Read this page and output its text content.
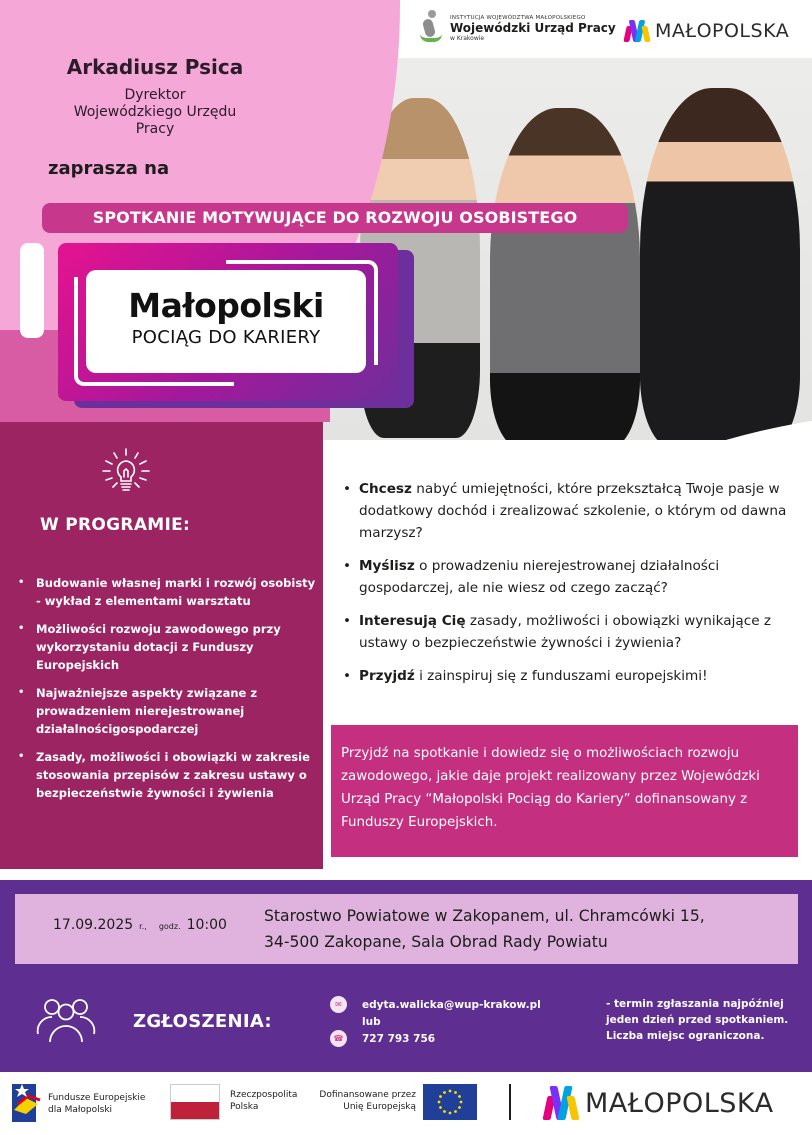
Arkadiusz Psica
Dyrektor
Wojewódzkiego Urzędu
Pracy
zaprasza na
INSTYTUCJA WOJEWÓDZTWA MAŁOPOLSKIEGO
Wojewódzki Urząd Pracy
w Krakowie	MAŁOPOLSKA
SPOTKANIE MOTYWUJĄCE DO ROZWOJU OSOBISTEGO
Małopolski
POCIĄG DO KARIERY
W PROGRAMIE:
• Budowanie własnej marki i rozwój osobisty - wykład z elementami warsztatu
• Możliwości rozwoju zawodowego przy wykorzystaniu dotacji z Funduszy Europejskich
• Najważniejsze aspekty związane z prowadzeniem nierejestrowanej działalnościgospodarczej
• Zasady, możliwości i obowiązki w zakresie stosowania przepisów z zakresu ustawy o bezpieczeństwie żywności i żywienia
• Chcesz nabyć umiejętności, które przekształcą Twoje pasje w dodatkowy dochód i zrealizować szkolenie, o którym od dawna marzysz?
• Myślisz o prowadzeniu nierejestrowanej działalności gospodarczej, ale nie wiesz od czego zacząć?
• Interesują Cię zasady, możliwości i obowiązki wynikające z ustawy o bezpieczeństwie żywności i żywienia?
• Przyjdź i zainspiruj się z funduszami europejskimi!
Przyjdź na spotkanie i dowiedz się o możliwościach rozwoju zawodowego, jakie daje projekt realizowany przez Wojewódzki Urząd Pracy “Małopolski Pociąg do Kariery” dofinansowany z Funduszy Europejskich.
17.09.2025 r., godz. 10:00 Starostwo Powiatowe w Zakopanem, ul. Chramcówki 15,
34-500 Zakopane, Sala Obrad Rady Powiatu
ZGŁOSZENIA:
✉	edyta.walicka@wup-krakow.pl
lub
☎	727 793 756
- termin zgłaszania najpóźniej
jeden dzień przed spotkaniem.
Liczba miejsc ograniczona.
Fundusze Europejskie
dla Małopolski
Rzeczpospolita
Polska
Dofinansowane przez
Unię Europejską	MAŁOPOLSKA
